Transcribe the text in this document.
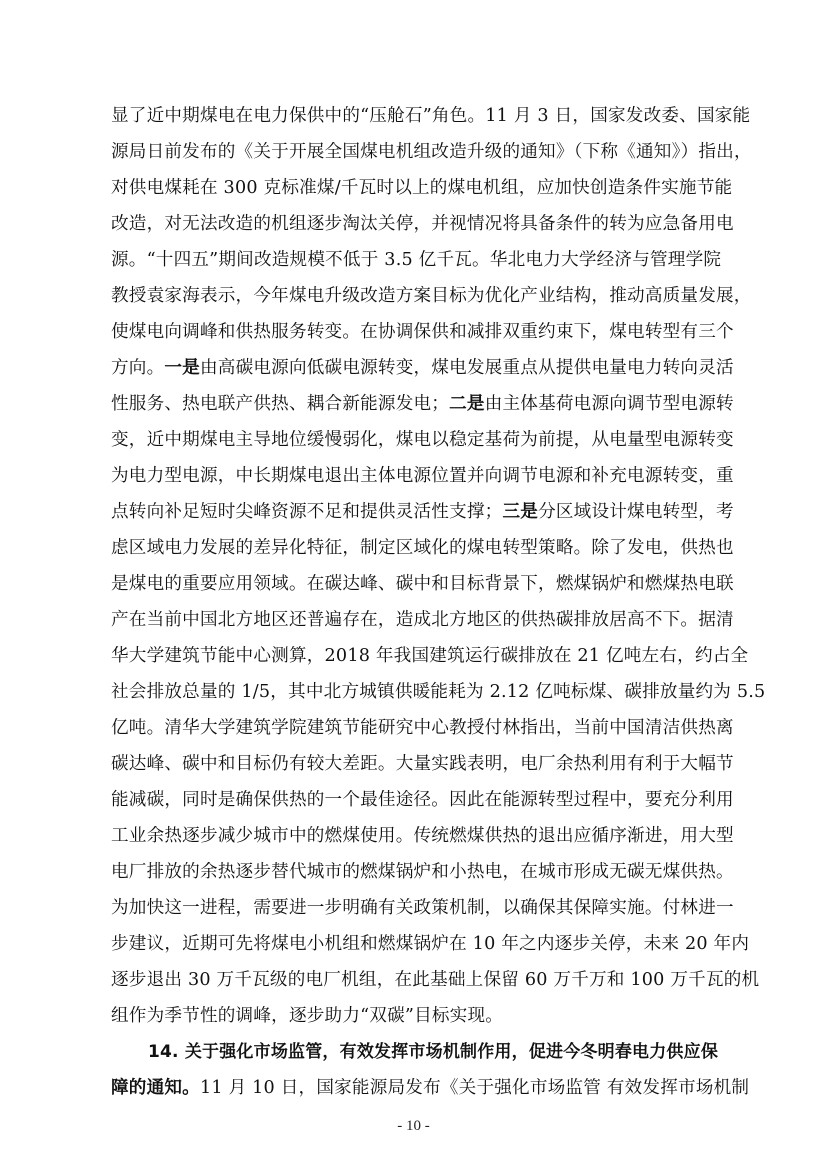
显了近中期煤电在电力保供中的“压舱石”角色。11 月 3 日，国家发改委、国家能
源局日前发布的《关于开展全国煤电机组改造升级的通知》（下称《通知》）指出，
对供电煤耗在 300 克标准煤/千瓦时以上的煤电机组，应加快创造条件实施节能
改造，对无法改造的机组逐步淘汰关停，并视情况将具备条件的转为应急备用电
源。“十四五”期间改造规模不低于 3.5 亿千瓦。华北电力大学经济与管理学院
教授袁家海表示，今年煤电升级改造方案目标为优化产业结构，推动高质量发展，
使煤电向调峰和供热服务转变。在协调保供和减排双重约束下，煤电转型有三个
方向。一是由高碳电源向低碳电源转变，煤电发展重点从提供电量电力转向灵活
性服务、热电联产供热、耦合新能源发电；二是由主体基荷电源向调节型电源转
变，近中期煤电主导地位缓慢弱化，煤电以稳定基荷为前提，从电量型电源转变
为电力型电源，中长期煤电退出主体电源位置并向调节电源和补充电源转变，重
点转向补足短时尖峰资源不足和提供灵活性支撑；三是分区域设计煤电转型，考
虑区域电力发展的差异化特征，制定区域化的煤电转型策略。除了发电，供热也
是煤电的重要应用领域。在碳达峰、碳中和目标背景下，燃煤锅炉和燃煤热电联
产在当前中国北方地区还普遍存在，造成北方地区的供热碳排放居高不下。据清
华大学建筑节能中心测算，2018 年我国建筑运行碳排放在 21 亿吨左右，约占全
社会排放总量的 1/5，其中北方城镇供暖能耗为 2.12 亿吨标煤、碳排放量约为 5.5
亿吨。清华大学建筑学院建筑节能研究中心教授付林指出，当前中国清洁供热离
碳达峰、碳中和目标仍有较大差距。大量实践表明，电厂余热利用有利于大幅节
能减碳，同时是确保供热的一个最佳途径。因此在能源转型过程中，要充分利用
工业余热逐步减少城市中的燃煤使用。传统燃煤供热的退出应循序渐进，用大型
电厂排放的余热逐步替代城市的燃煤锅炉和小热电，在城市形成无碳无煤供热。
为加快这一进程，需要进一步明确有关政策机制，以确保其保障实施。付林进一
步建议，近期可先将煤电小机组和燃煤锅炉在 10 年之内逐步关停，未来 20 年内
逐步退出 30 万千瓦级的电厂机组，在此基础上保留 60 万千万和 100 万千瓦的机
组作为季节性的调峰，逐步助力“双碳”目标实现。
14. 关于强化市场监管，有效发挥市场机制作用，促进今冬明春电力供应保
障的通知。11 月 10 日，国家能源局发布《关于强化市场监管 有效发挥市场机制
- 10 -
